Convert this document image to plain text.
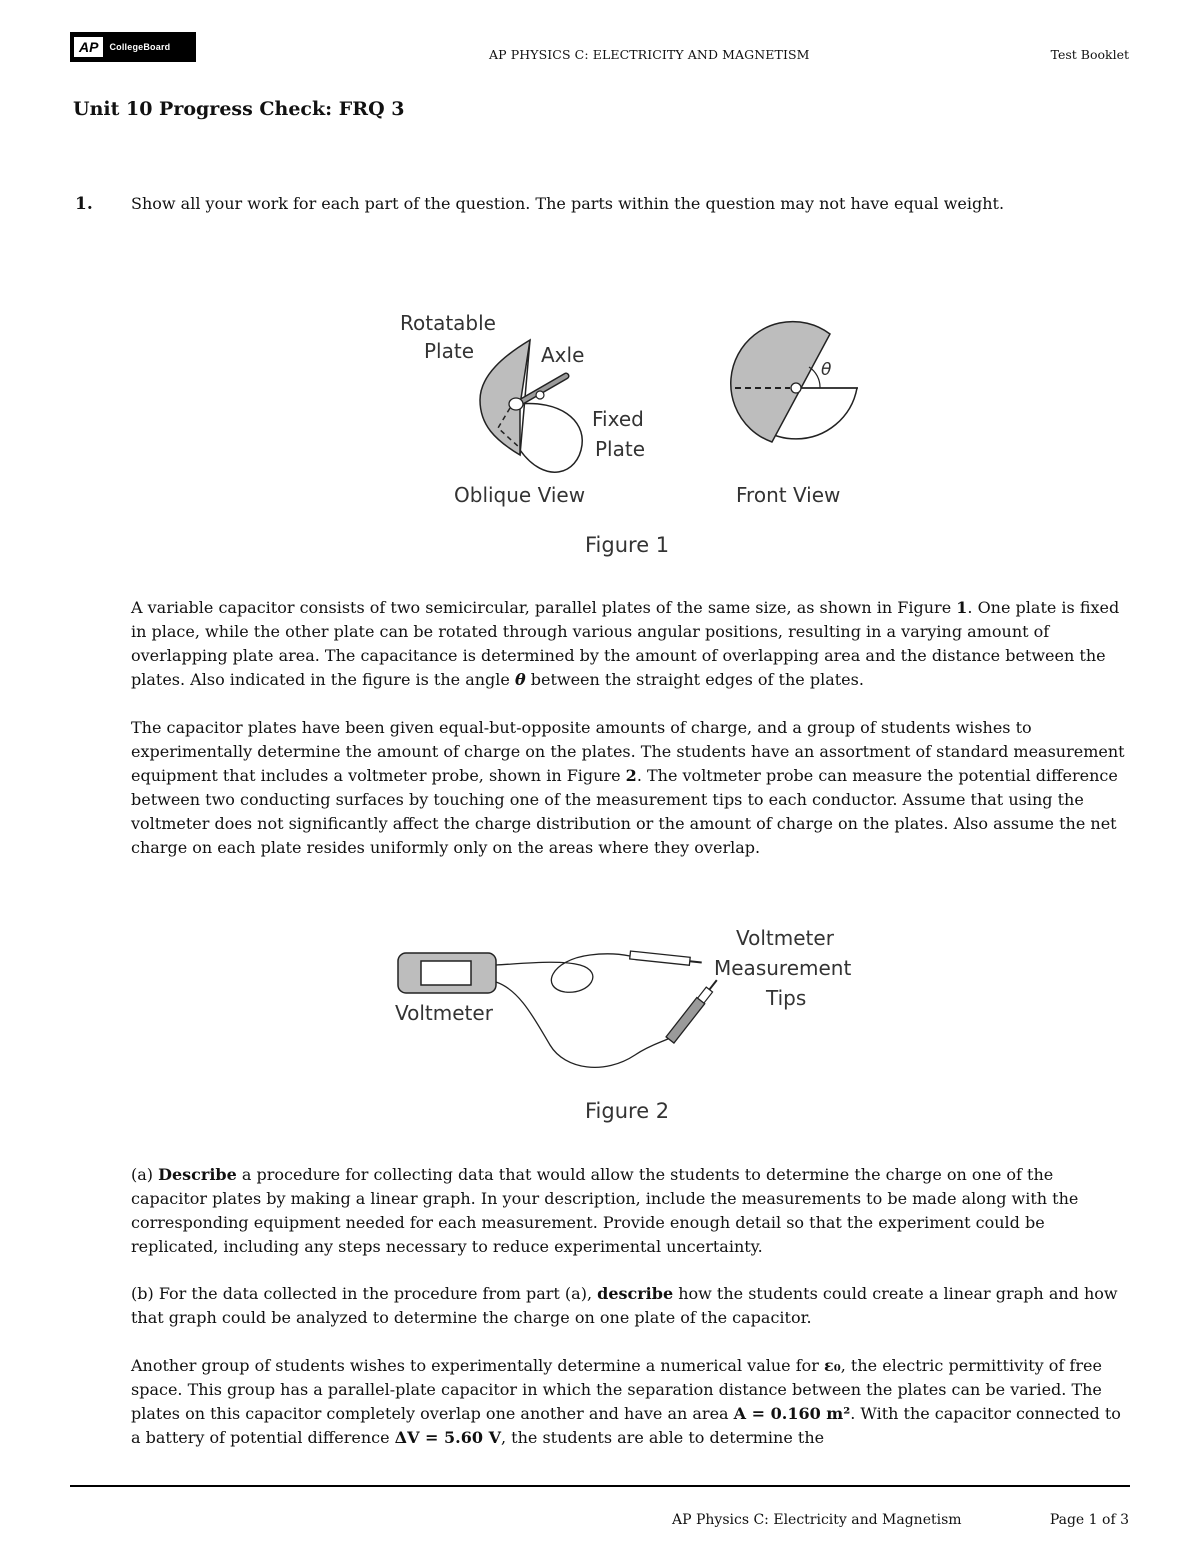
AP	CollegeBoard	AP PHYSICS C: ELECTRICITY AND MAGNETISM	Test Booklet
Unit 10 Progress Check: FRQ 3
1. Show all your work for each part of the question. The parts within the question may not have equal weight.

Rotatable
Plate	Axle
Fixed
Plate
θ
Oblique View	Front View
Figure 1

A variable capacitor consists of two semicircular, parallel plates of the same size, as shown in Figure 1. One plate is fixed in place, while the other plate can be rotated through various angular positions, resulting in a varying amount of overlapping plate area. The capacitance is determined by the amount of overlapping area and the distance between the plates. Also indicated in the figure is the angle θ between the straight edges of the plates.

The capacitor plates have been given equal-but-opposite amounts of charge, and a group of students wishes to experimentally determine the amount of charge on the plates. The students have an assortment of standard measurement equipment that includes a voltmeter probe, shown in Figure 2. The voltmeter probe can measure the potential difference between two conducting surfaces by touching one of the measurement tips to each conductor. Assume that using the voltmeter does not significantly affect the charge distribution or the amount of charge on the plates. Also assume the net charge on each plate resides uniformly only on the areas where they overlap.

Voltmeter
Voltmeter
Measurement
Tips
Figure 2

(a) Describe a procedure for collecting data that would allow the students to determine the charge on one of the capacitor plates by making a linear graph. In your description, include the measurements to be made along with the corresponding equipment needed for each measurement. Provide enough detail so that the experiment could be replicated, including any steps necessary to reduce experimental uncertainty.

(b) For the data collected in the procedure from part (a), describe how the students could create a linear graph and how that graph could be analyzed to determine the charge on one plate of the capacitor.

Another group of students wishes to experimentally determine a numerical value for ε₀, the electric permittivity of free space. This group has a parallel-plate capacitor in which the separation distance between the plates can be varied. The plates on this capacitor completely overlap one another and have an area A = 0.160 m². With the capacitor connected to a battery of potential difference ΔV = 5.60 V, the students are able to determine the

AP Physics C: Electricity and Magnetism	Page 1 of 3
